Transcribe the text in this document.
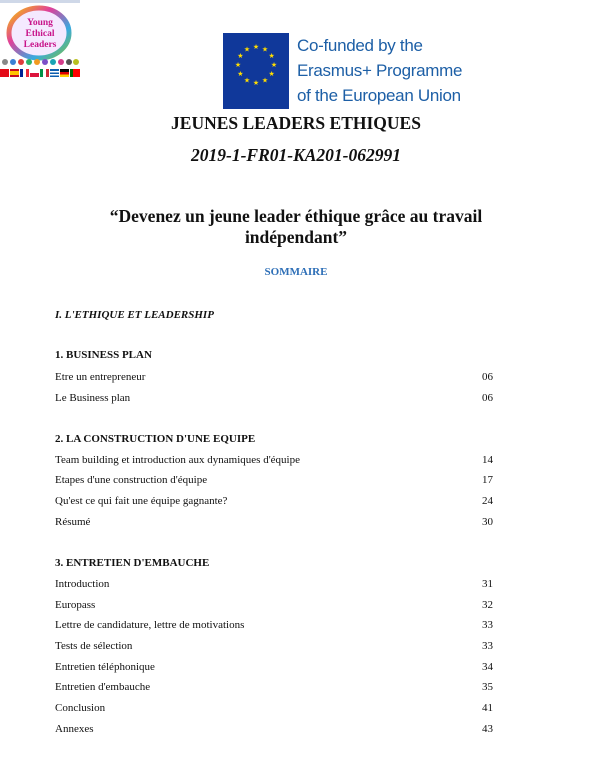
Young
Ethical
Leaders	★ ★
★
★
★
★
★
★
★
★
★
★	Co-funded by the
Erasmus+ Programme
of the European Union
JEUNES LEADERS ETHIQUES
2019-1-FR01-KA201-062991
“Devenez un jeune leader éthique grâce au travail indépendant”
SOMMAIRE
I. L'ETHIQUE ET LEADERSHIP
1. BUSINESS PLAN
Etre un entrepreneur	06
Le Business plan	06
2. LA CONSTRUCTION D'UNE EQUIPE
Team building et introduction aux dynamiques d'équipe	14
Etapes d'une construction d'équipe	17
Qu'est ce qui fait une équipe gagnante?	24
Résumé	30
3. ENTRETIEN D'EMBAUCHE
Introduction	31
Europass	32
Lettre de candidature, lettre de motivations	33
Tests de sélection	33
Entretien téléphonique	34
Entretien d'embauche	35
Conclusion	41
Annexes	43
